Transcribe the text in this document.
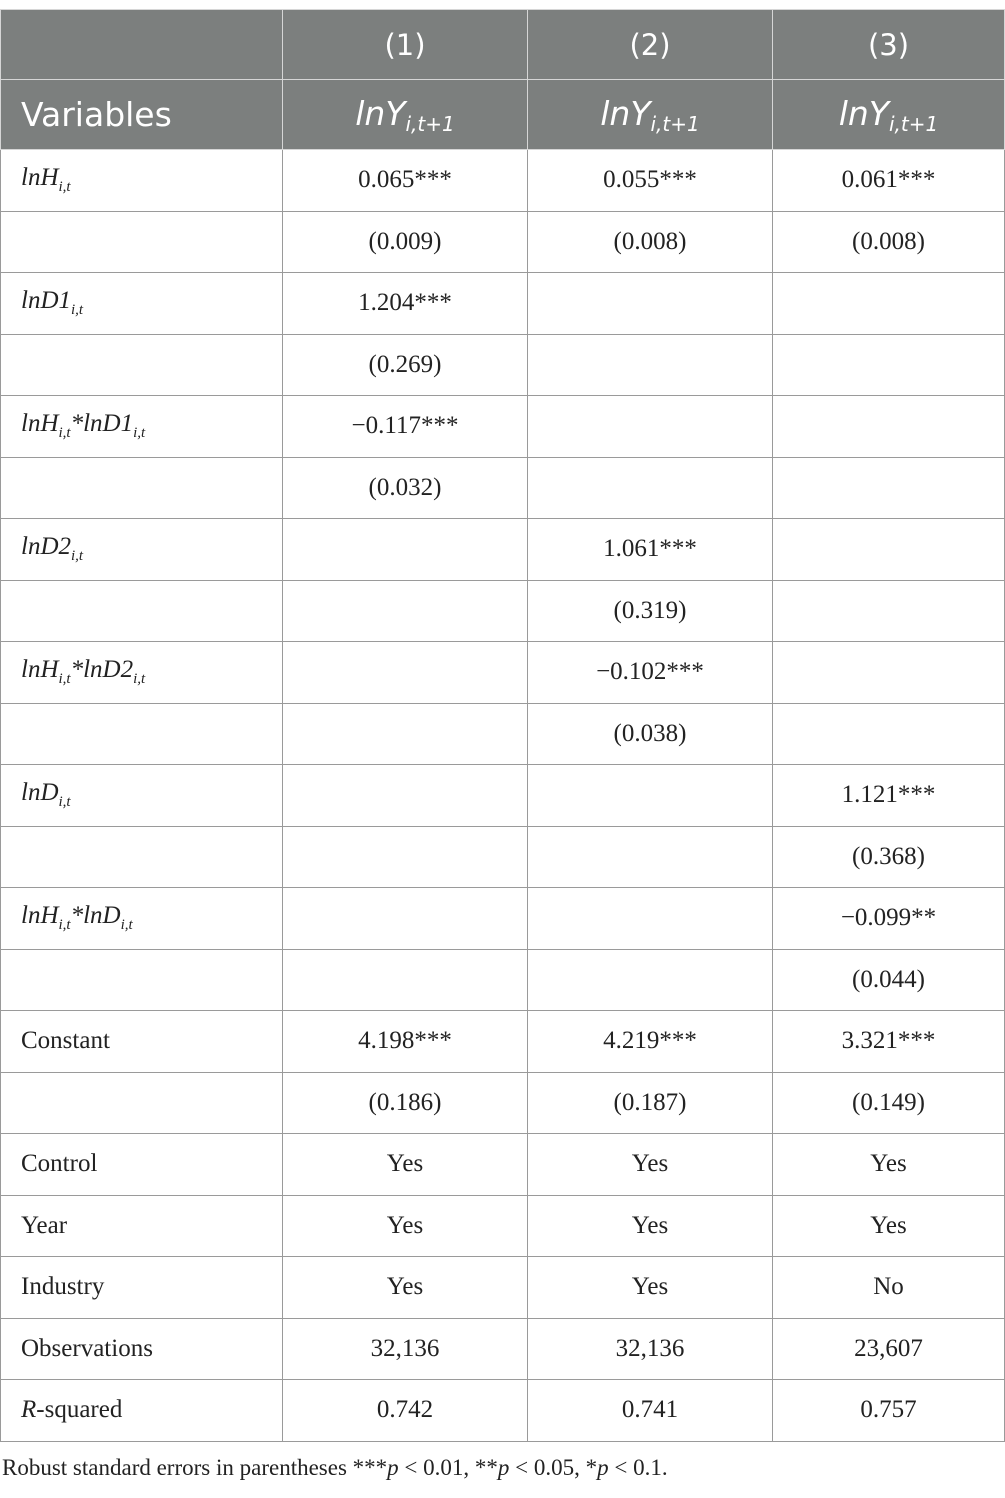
	(1)	(2)	(3)
Variables	lnY$_{i,t+1}$	lnY$_{i,t+1}$	lnY$_{i,t+1}$
lnH$_{i,t}$	0.065***	0.055***	0.061***
	(0.009)	(0.008)	(0.008)
$\ln D1_{i,t}$	1.204***		
	(0.269)		
$\ln H_{i,t}*\ln D1_{i,t}$	−0.117***		
	(0.032)		
$\ln D2_{i,t}$		1.061***	
		(0.319)	
$\ln H_{i,t}*\ln D2_{i,t}$		−0.102***	
		(0.038)	
lnD$_{i,t}$			1.121***
			(0.368)
lnH$_{i,t}$*lnD$_{i,t}$			−0.099**
			(0.044)
Constant	4.198***	4.219***	3.321***
	(0.186)	(0.187)	(0.149)
Control	Yes	Yes	Yes
Year	Yes	Yes	Yes
Industry	Yes	Yes	No
Observations	32,136	32,136	23,607
R-squared	0.742	0.741	0.757
Robust standard errors in parentheses ***p < 0.01, **p < 0.05, *p < 0.1.
